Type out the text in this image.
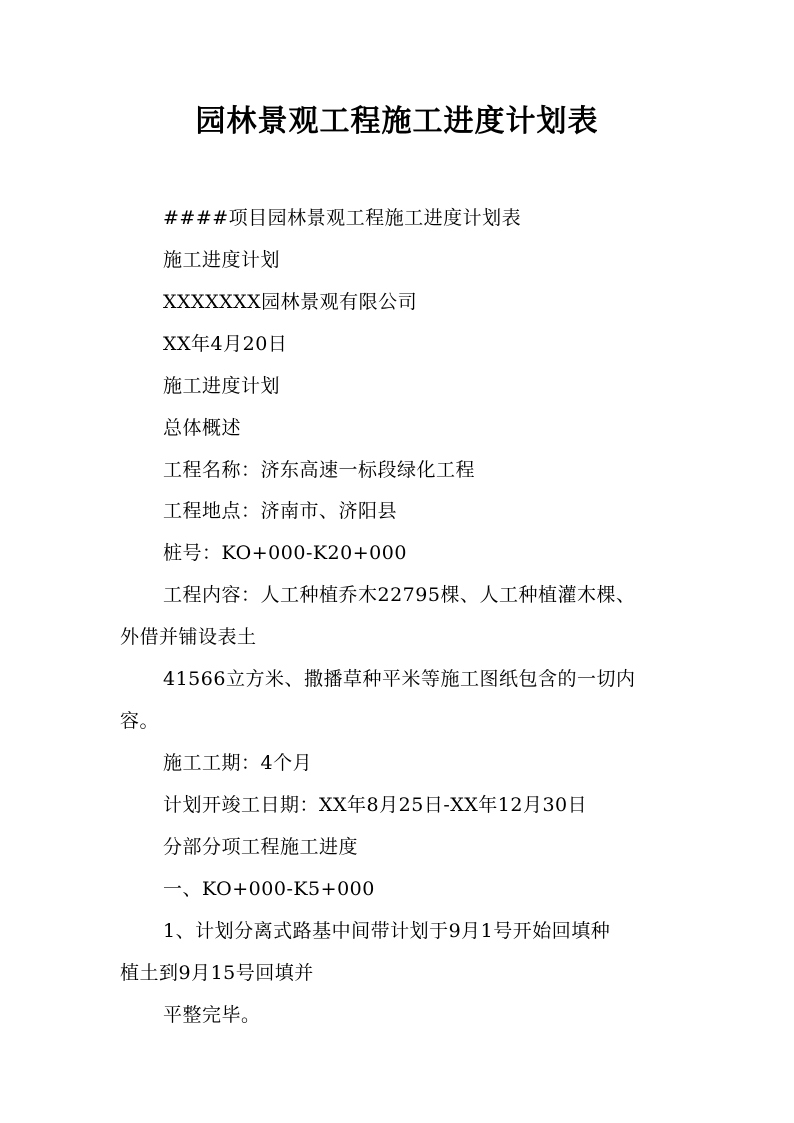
园林景观工程施工进度计划表
####项目园林景观工程施工进度计划表
施工进度计划
XXXXXXX园林景观有限公司
XX年4月20日
施工进度计划
总体概述
工程名称：济东高速一标段绿化工程
工程地点：济南市、济阳县
桩号：KO+000-K20+000
工程内容：人工种植乔木22795棵、人工种植灌木棵、
外借并铺设表土
41566立方米、撒播草种平米等施工图纸包含的一切内
容。
施工工期：4个月
计划开竣工日期：XX年8月25日-XX年12月30日
分部分项工程施工进度
一、KO+000-K5+000
1、计划分离式路基中间带计划于9月1号开始回填种
植土到9月15号回填并
平整完毕。
